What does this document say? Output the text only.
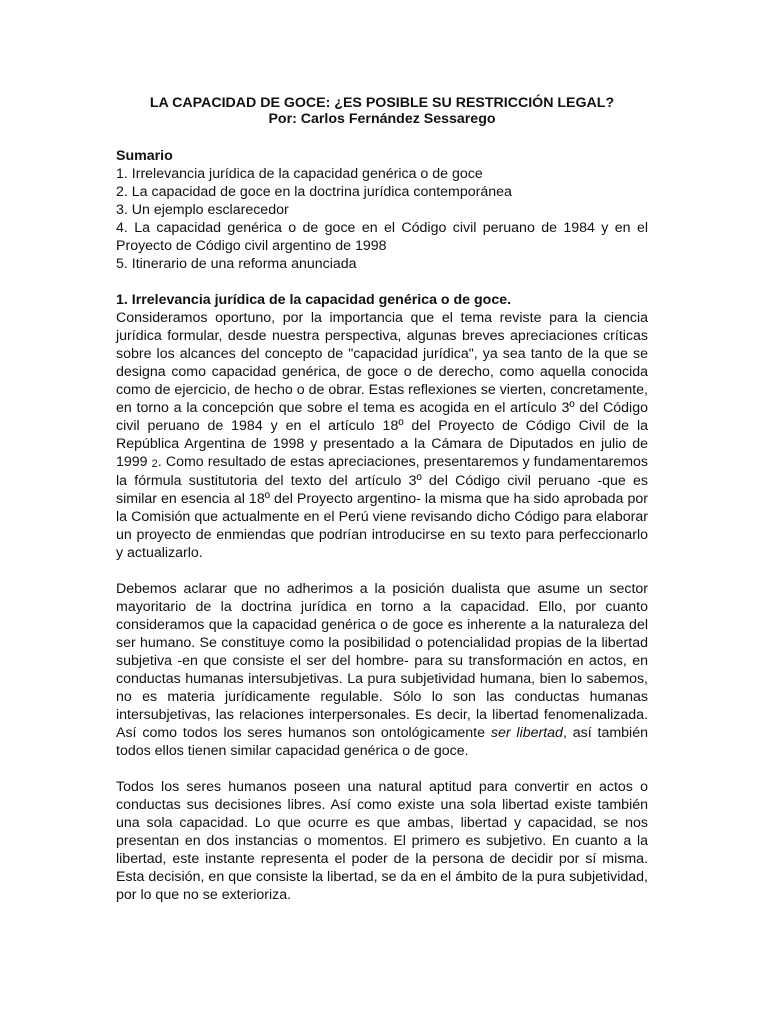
LA CAPACIDAD DE GOCE: ¿ES POSIBLE SU RESTRICCIÓN LEGAL?
Por: Carlos Fernández Sessarego
Sumario
1. Irrelevancia jurídica de la capacidad genérica o de goce
2. La capacidad de goce en la doctrina jurídica contemporánea
3. Un ejemplo esclarecedor
4. La capacidad genérica o de goce en el Código civil peruano de 1984 y en el Proyecto de Código civil argentino de 1998
5. Itinerario de una reforma anunciada
1. Irrelevancia jurídica de la capacidad genérica o de goce.

Consideramos oportuno, por la importancia que el tema reviste para la ciencia jurídica formular, desde nuestra perspectiva, algunas breves apreciaciones críticas sobre los alcances del concepto de "capacidad jurídica", ya sea tanto de la que se designa como capacidad genérica, de goce o de derecho, como aquella conocida como de ejercicio, de hecho o de obrar. Estas reflexiones se vierten, concretamente, en torno a la concepción que sobre el tema es acogida en el artículo 3º del Código civil peruano de 1984 y en el artículo 18º del Proyecto de Código Civil de la República Argentina de 1998 y presentado a la Cámara de Diputados en julio de 1999 2. Como resultado de estas apreciaciones, presentaremos y fundamentaremos la fórmula sustitutoria del texto del artículo 3º del Código civil peruano -que es similar en esencia al 18º del Proyecto argentino- la misma que ha sido aprobada por la Comisión que actualmente en el Perú viene revisando dicho Código para elaborar un proyecto de enmiendas que podrían introducirse en su texto para perfeccionarlo y actualizarlo.

Debemos aclarar que no adherimos a la posición dualista que asume un sector mayoritario de la doctrina jurídica en torno a la capacidad. Ello, por cuanto consideramos que la capacidad genérica o de goce es inherente a la naturaleza del ser humano. Se constituye como la posibilidad o potencialidad propias de la libertad subjetiva -en que consiste el ser del hombre- para su transformación en actos, en conductas humanas intersubjetivas. La pura subjetividad humana, bien lo sabemos, no es materia jurídicamente regulable. Sólo lo son las conductas humanas intersubjetivas, las relaciones interpersonales. Es decir, la libertad fenomenalizada. Así como todos los seres humanos son ontológicamente ser libertad, así también todos ellos tienen similar capacidad genérica o de goce.

Todos los seres humanos poseen una natural aptitud para convertir en actos o conductas sus decisiones libres. Así como existe una sola libertad existe también una sola capacidad. Lo que ocurre es que ambas, libertad y capacidad, se nos presentan en dos instancias o momentos. El primero es subjetivo. En cuanto a la libertad, este instante representa el poder de la persona de decidir por sí misma. Esta decisión, en que consiste la libertad, se da en el ámbito de la pura subjetividad, por lo que no se exterioriza.
